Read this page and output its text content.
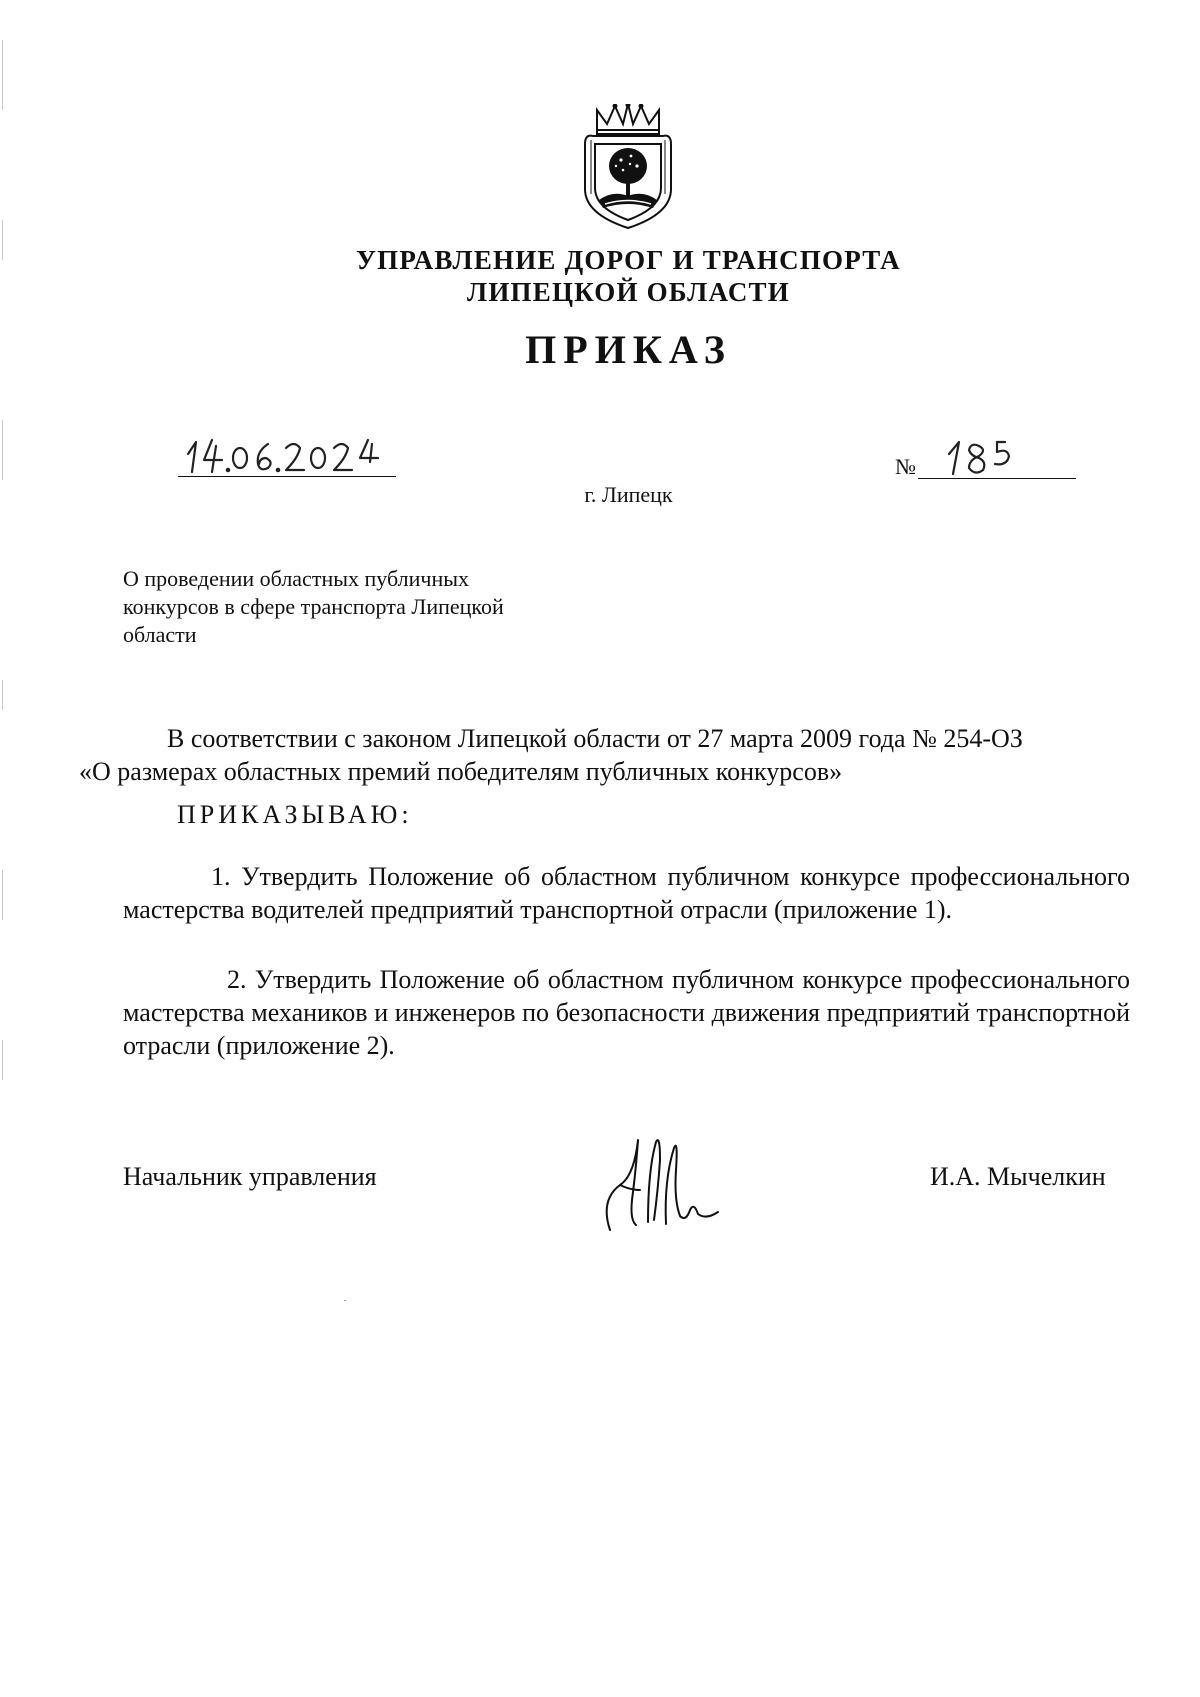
УПРАВЛЕНИЕ ДОРОГ И ТРАНСПОРТА
ЛИПЕЦКОЙ ОБЛАСТИ
ПРИКАЗ
№
г. Липецк
О проведении областных публичных
конкурсов в сфере транспорта Липецкой
области
В соответствии с законом Липецкой области от 27 марта 2009 года № 254-ОЗ
«О размерах областных премий победителям публичных конкурсов»
ПРИКАЗЫВАЮ:
1. Утвердить Положение об областном публичном конкурсе профессионального мастерства водителей предприятий транспортной отрасли (приложение 1).
2. Утвердить Положение об областном публичном конкурсе профессионального мастерства механиков и инженеров по безопасности движения предприятий транспортной отрасли (приложение 2).
Начальник управления	И.А. Мычелкин
